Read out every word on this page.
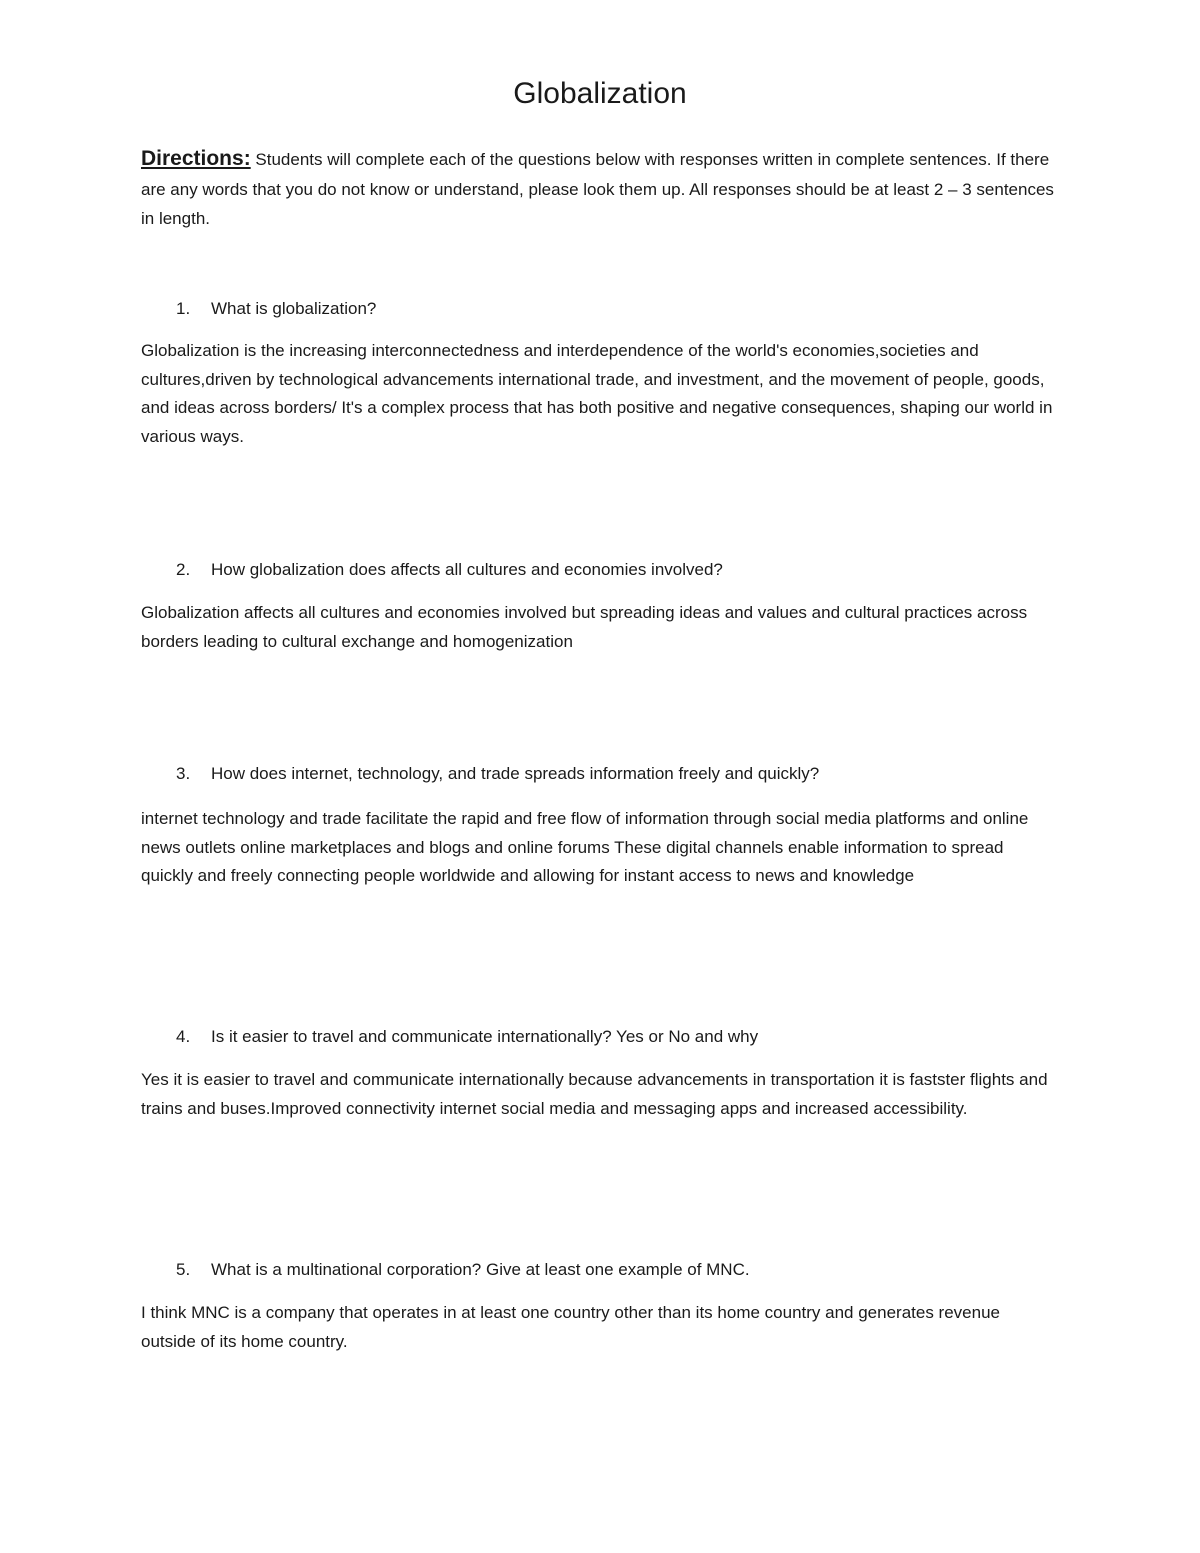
Globalization
Directions: Students will complete each of the questions below with responses written in complete sentences. If there are any words that you do not know or understand, please look them up. All responses should be at least 2 – 3 sentences in length.
1. What is globalization?
Globalization is the increasing interconnectedness and interdependence of the world's economies,societies and cultures,driven by technological advancements international trade, and investment, and the movement of people, goods, and ideas across borders/ It's a complex process that has both positive and negative consequences, shaping our world in various ways.
2. How globalization does affects all cultures and economies involved?
Globalization affects all cultures and economies involved but spreading ideas and values and cultural practices across borders leading to cultural exchange and homogenization
3. How does internet, technology, and trade spreads information freely and quickly?
internet technology and trade facilitate the rapid and free flow of information through social media platforms and online news outlets online marketplaces and blogs and online forums These digital channels enable information to spread quickly and freely connecting people worldwide and allowing for instant access to news and knowledge
4. Is it easier to travel and communicate internationally? Yes or No and why
Yes it is easier to travel and communicate internationally because advancements in transportation it is fastster flights and trains and buses.Improved connectivity internet social media and messaging apps and increased accessibility.
5. What is a multinational corporation? Give at least one example of MNC.
I think MNC is a company that operates in at least one country other than its home country and generates revenue outside of its home country.
